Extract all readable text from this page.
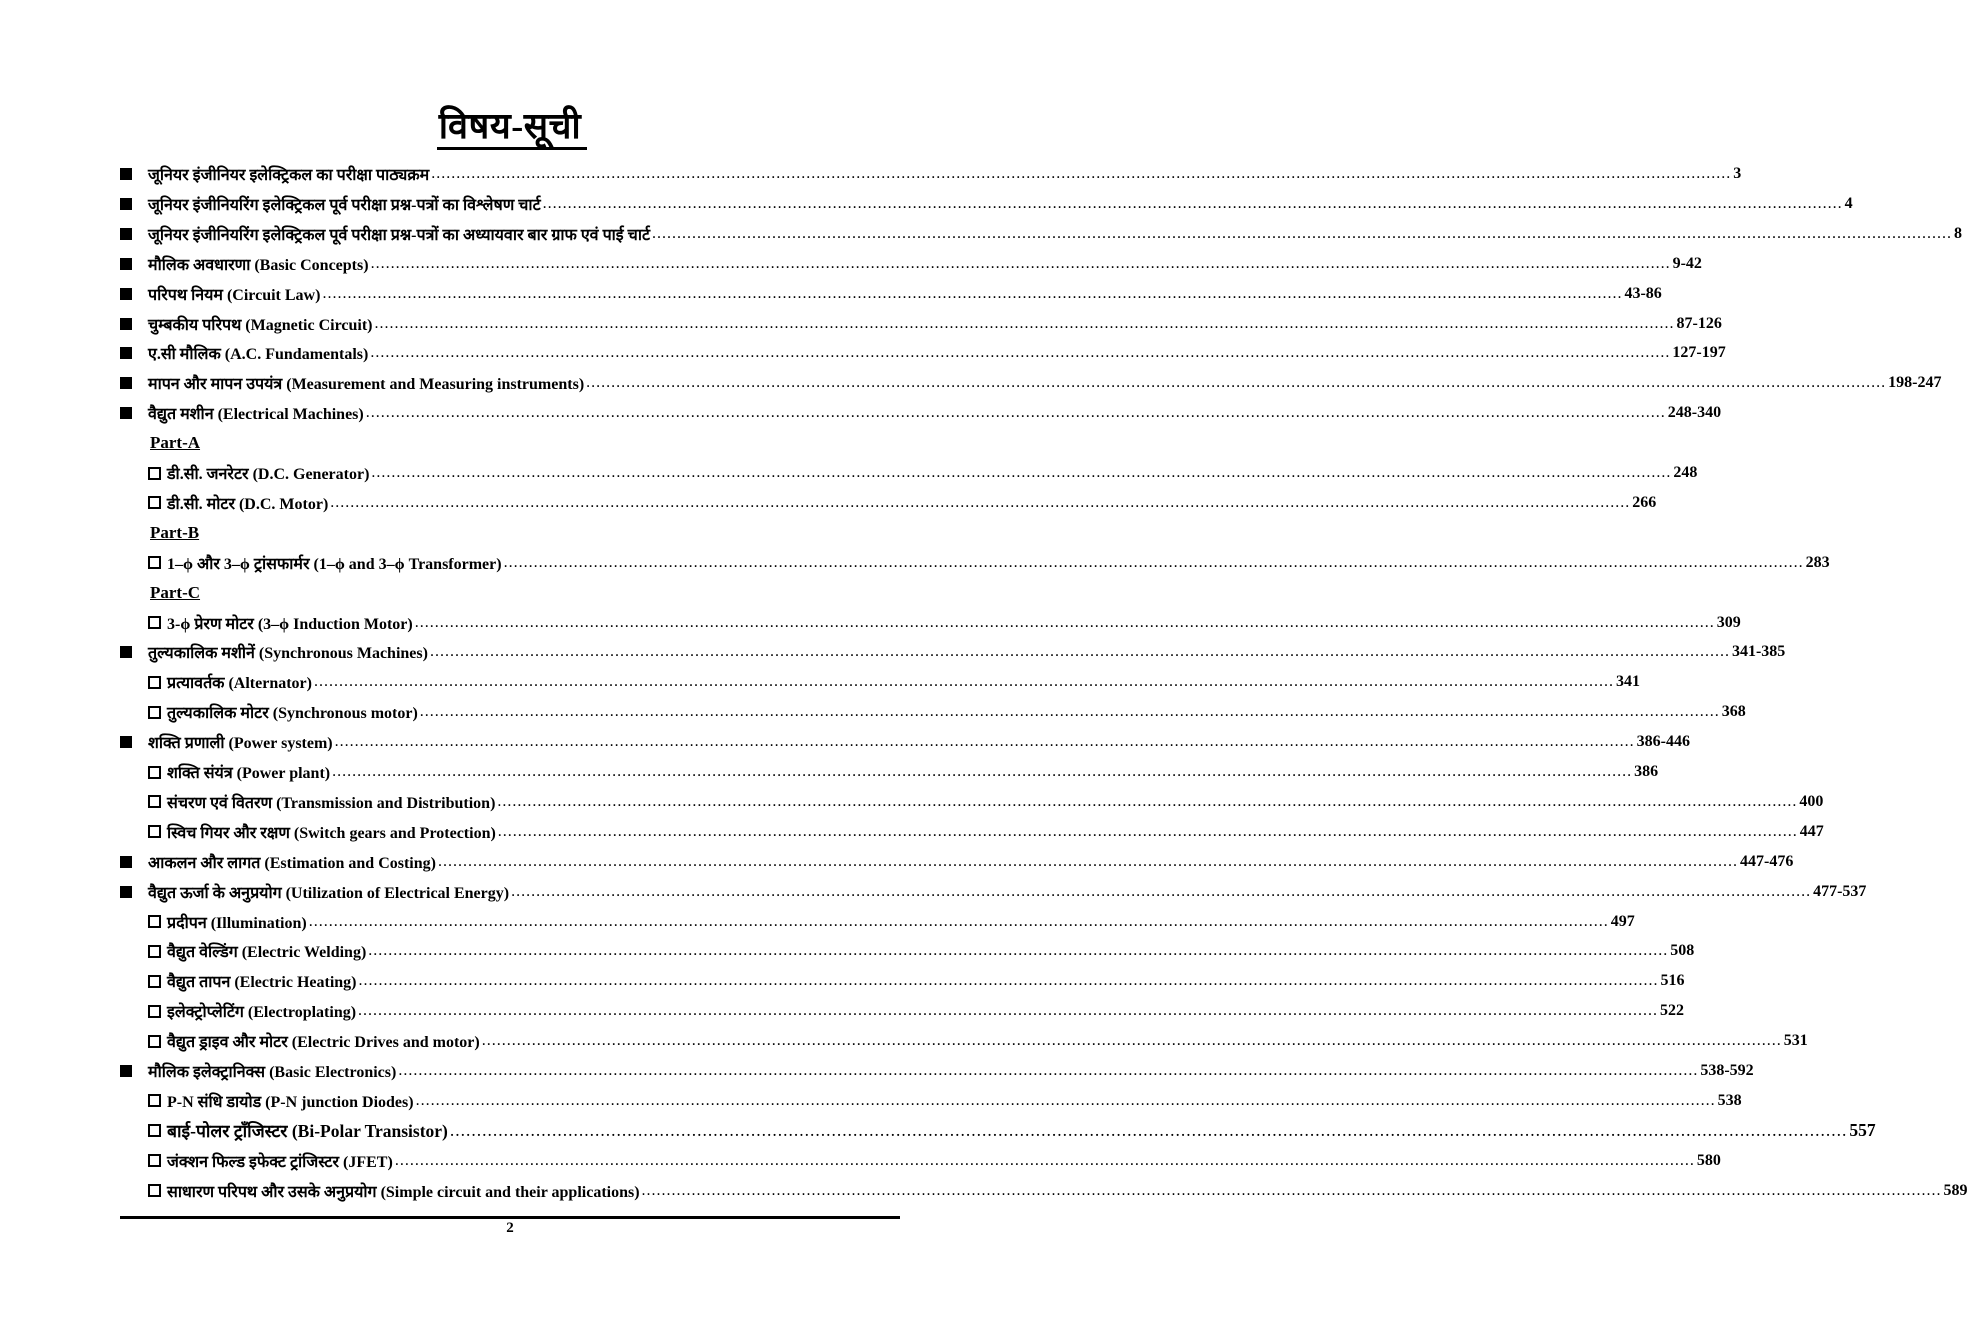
विषय-सूची
जूनियर इंजीनियर इलेक्ट्रिकल का परीक्षा पाठ्यक्रम .................................................................................................................................................................................................................................................................... 3
जूनियर इंजीनियरिंग इलेक्ट्रिकल पूर्व परीक्षा प्रश्न-पत्रों का विश्लेषण चार्ट .................................................................................................................................................................................................................................................................... 4
जूनियर इंजीनियरिंग इलेक्ट्रिकल पूर्व परीक्षा प्रश्न-पत्रों का अध्यायवार बार ग्राफ एवं पाई चार्ट .................................................................................................................................................................................................................................................................... 8
मौलिक अवधारणा (Basic Concepts) .................................................................................................................................................................................................................................................................... 9-42
परिपथ नियम (Circuit Law) .................................................................................................................................................................................................................................................................... 43-86
चुम्बकीय परिपथ (Magnetic Circuit) .................................................................................................................................................................................................................................................................... 87-126
ए.सी मौलिक (A.C. Fundamentals) .................................................................................................................................................................................................................................................................... 127-197
मापन और मापन उपयंत्र (Measurement and Measuring instruments) .................................................................................................................................................................................................................................................................... 198-247
वैद्युत मशीन (Electrical Machines) .................................................................................................................................................................................................................................................................... 248-340
Part-A
डी.सी. जनरेटर (D.C. Generator) .................................................................................................................................................................................................................................................................... 248
डी.सी. मोटर (D.C. Motor) .................................................................................................................................................................................................................................................................... 266
Part-B
1–ϕ और 3–ϕ ट्रांसफार्मर (1–ϕ and 3–ϕ Transformer) .................................................................................................................................................................................................................................................................... 283
Part-C
3-ϕ प्रेरण मोटर (3–ϕ Induction Motor) .................................................................................................................................................................................................................................................................... 309
तुल्यकालिक मशीनें (Synchronous Machines) .................................................................................................................................................................................................................................................................... 341-385
प्रत्यावर्तक (Alternator) .................................................................................................................................................................................................................................................................... 341
तुल्यकालिक मोटर (Synchronous motor) .................................................................................................................................................................................................................................................................... 368
शक्ति प्रणाली (Power system) .................................................................................................................................................................................................................................................................... 386-446
शक्ति संयंत्र (Power plant) .................................................................................................................................................................................................................................................................... 386
संचरण एवं वितरण (Transmission and Distribution) .................................................................................................................................................................................................................................................................... 400
स्विच गियर और रक्षण (Switch gears and Protection) .................................................................................................................................................................................................................................................................... 447
आकलन और लागत (Estimation and Costing) .................................................................................................................................................................................................................................................................... 447-476
वैद्युत ऊर्जा के अनुप्रयोग (Utilization of Electrical Energy) .................................................................................................................................................................................................................................................................... 477-537
प्रदीपन (Illumination) .................................................................................................................................................................................................................................................................... 497
वैद्युत वेल्डिंग (Electric Welding) .................................................................................................................................................................................................................................................................... 508
वैद्युत तापन (Electric Heating) .................................................................................................................................................................................................................................................................... 516
इलेक्ट्रोप्लेटिंग (Electroplating) .................................................................................................................................................................................................................................................................... 522
वैद्युत ड्राइव और मोटर (Electric Drives and motor) .................................................................................................................................................................................................................................................................... 531
मौलिक इलेक्ट्रानिक्स (Basic Electronics) .................................................................................................................................................................................................................................................................... 538-592
P-N संधि डायोड (P-N junction Diodes) .................................................................................................................................................................................................................................................................... 538
बाई-पोलर ट्राँजिस्टर (Bi-Polar Transistor) .................................................................................................................................................................................................................................................................... 557
जंक्शन फिल्ड इफेक्ट ट्रांजिस्टर (JFET) .................................................................................................................................................................................................................................................................... 580
साधारण परिपथ और उसके अनुप्रयोग (Simple circuit and their applications) .................................................................................................................................................................................................................................................................... 589
2
